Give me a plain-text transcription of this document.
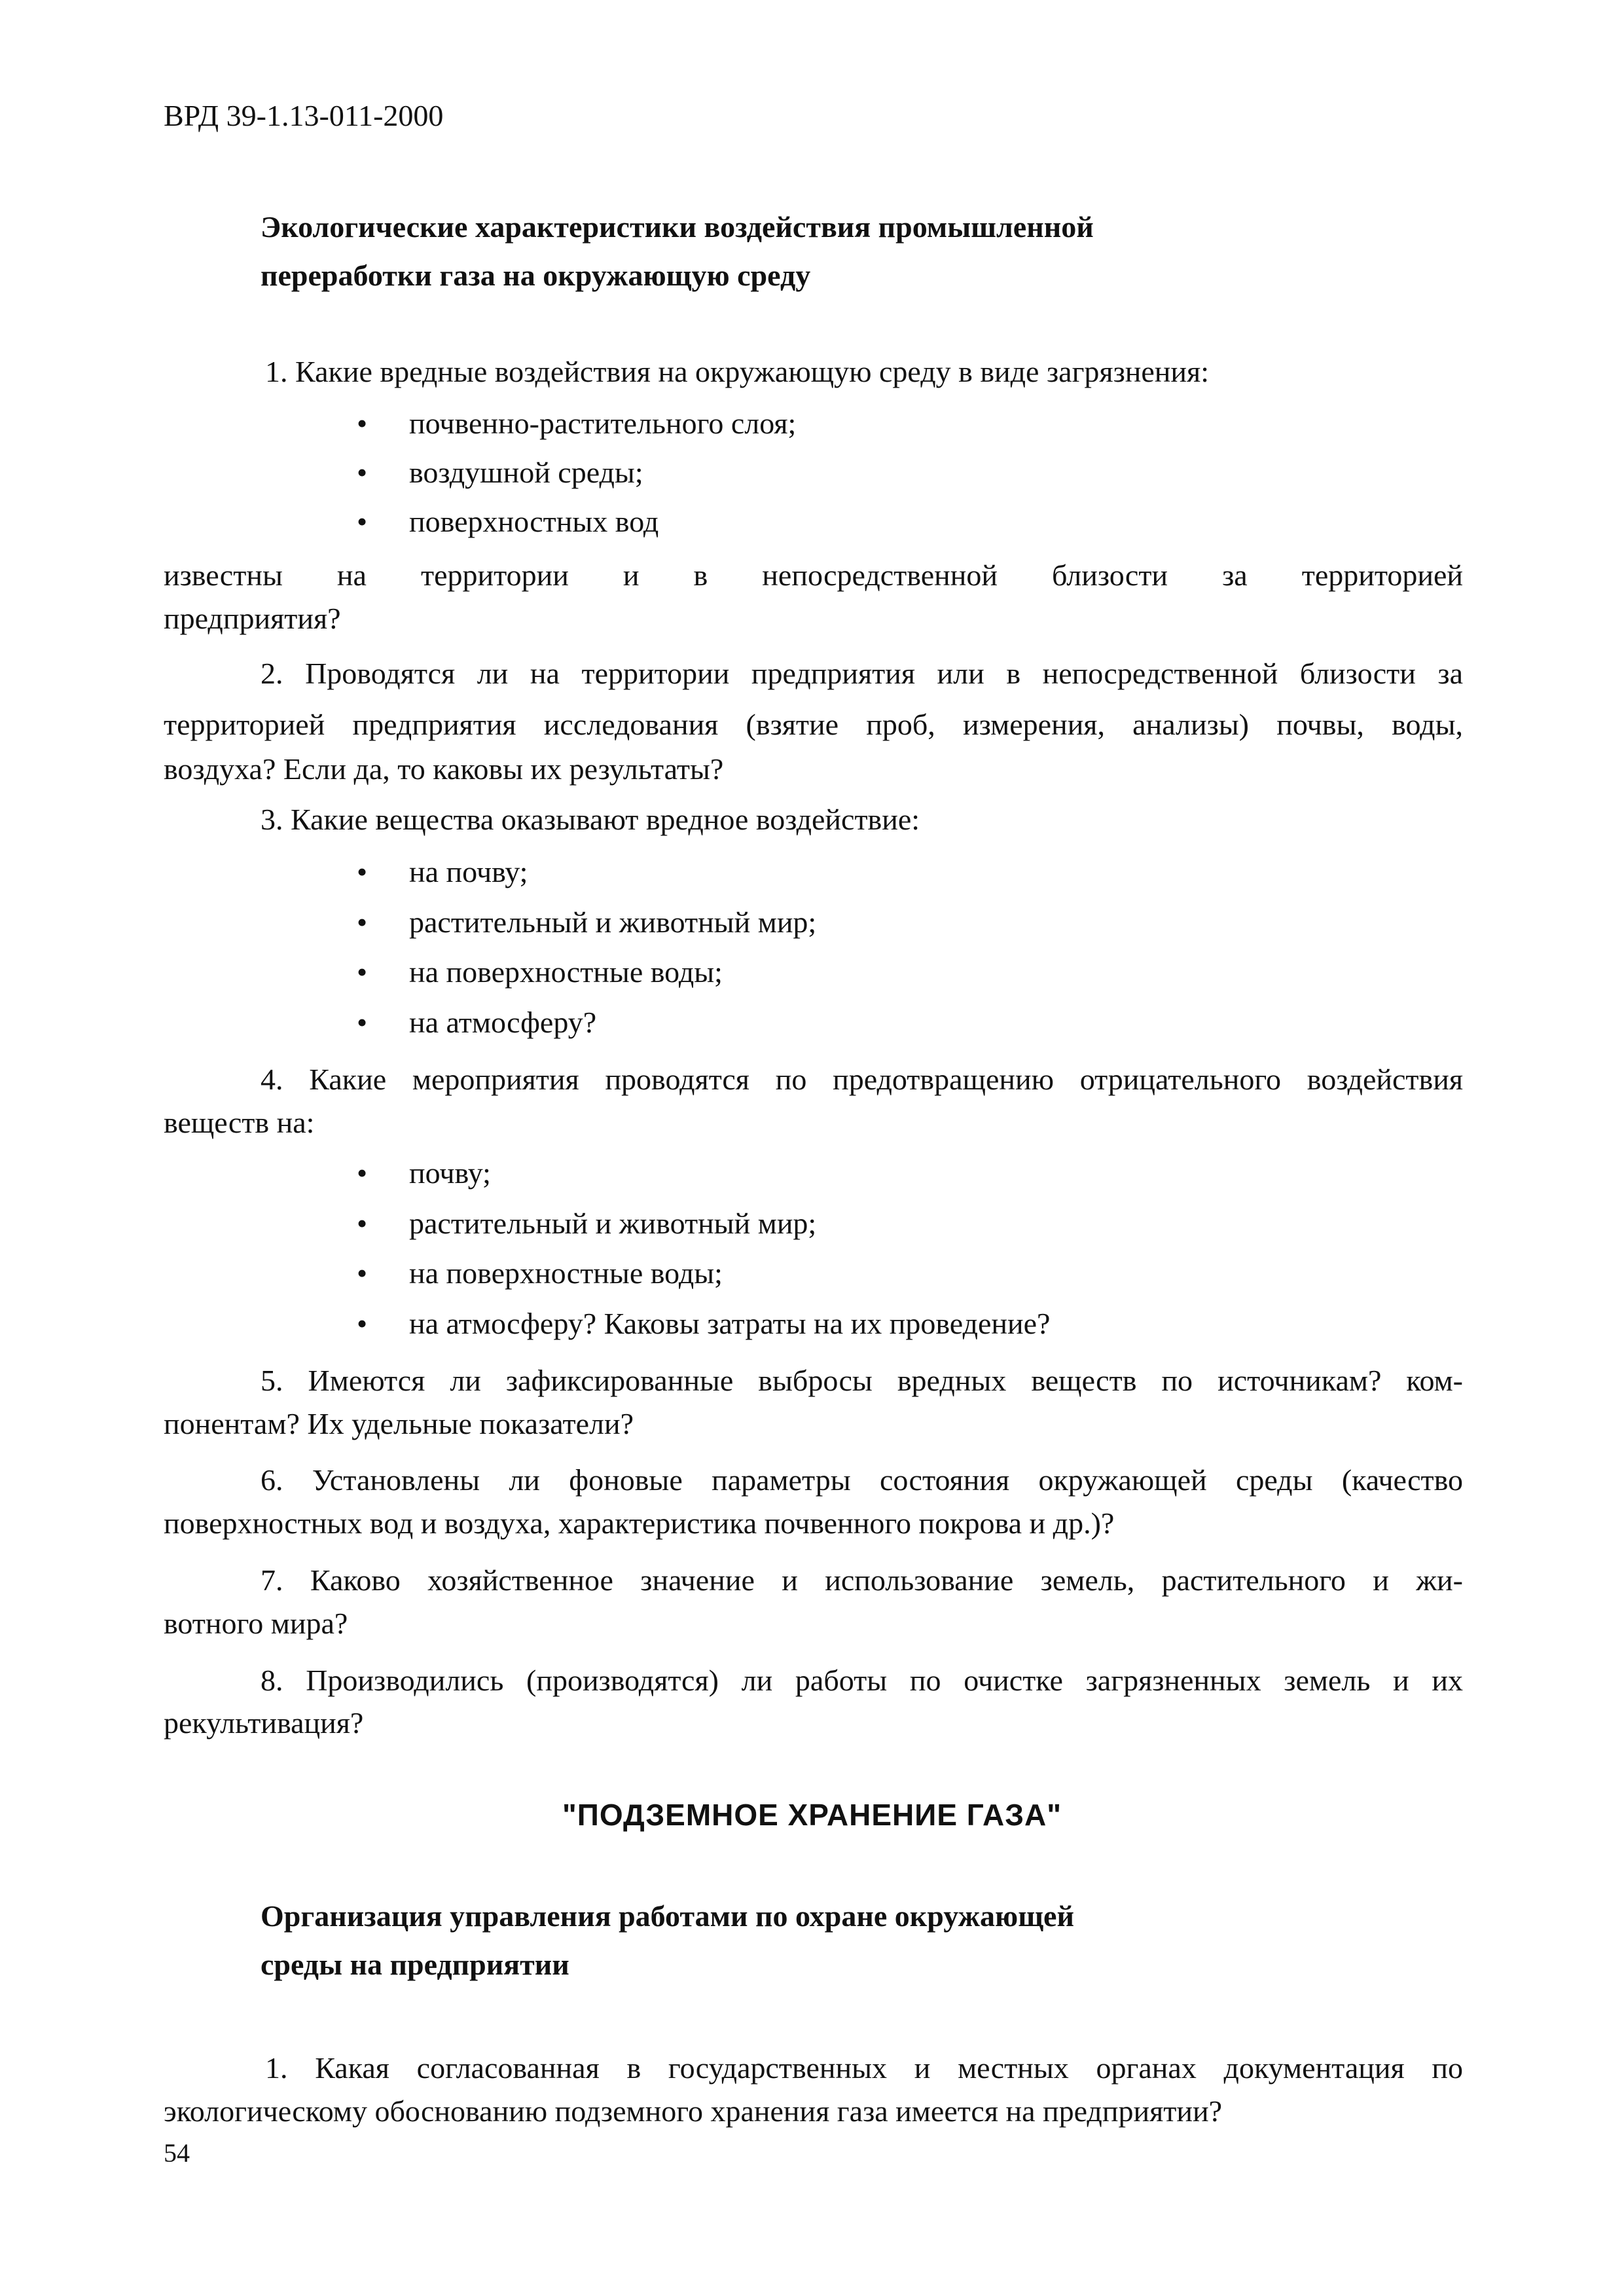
ВРД 39-1.13-011-2000
Экологические характеристики воздействия промышленной
переработки газа на окружающую среду
1. Какие вредные воздействия на окружающую среду в виде загрязнения:
• почвенно-растительного слоя;
• воздушной среды;
• поверхностных вод
известны на территории и в непосредственной близости за территорией
предприятия?
2. Проводятся ли на территории предприятия или в непосредственной близости за
территорией предприятия исследования (взятие проб, измерения, анализы) почвы, воды,
воздуха? Если да, то каковы их результаты?
3. Какие вещества оказывают вредное воздействие:
• на почву;
• растительный и животный мир;
• на поверхностные воды;
• на атмосферу?
4. Какие мероприятия проводятся по предотвращению отрицательного воздействия
веществ на:
• почву;
• растительный и животный мир;
• на поверхностные воды;
• на атмосферу? Каковы затраты на их проведение?
5. Имеются ли зафиксированные выбросы вредных веществ по источникам? ком-
понентам? Их удельные показатели?
6. Установлены ли фоновые параметры состояния окружающей среды (качество
поверхностных вод и воздуха, характеристика почвенного покрова и др.)?
7. Каково хозяйственное значение и использование земель, растительного и жи-
вотного мира?
8. Производились (производятся) ли работы по очистке загрязненных земель и их
рекультивация?
"ПОДЗЕМНОЕ ХРАНЕНИЕ ГАЗА"
Организация управления работами по охране окружающей
среды на предприятии
1. Какая согласованная в государственных и местных органах документация по
экологическому обоснованию подземного хранения газа имеется на предприятии?
54
